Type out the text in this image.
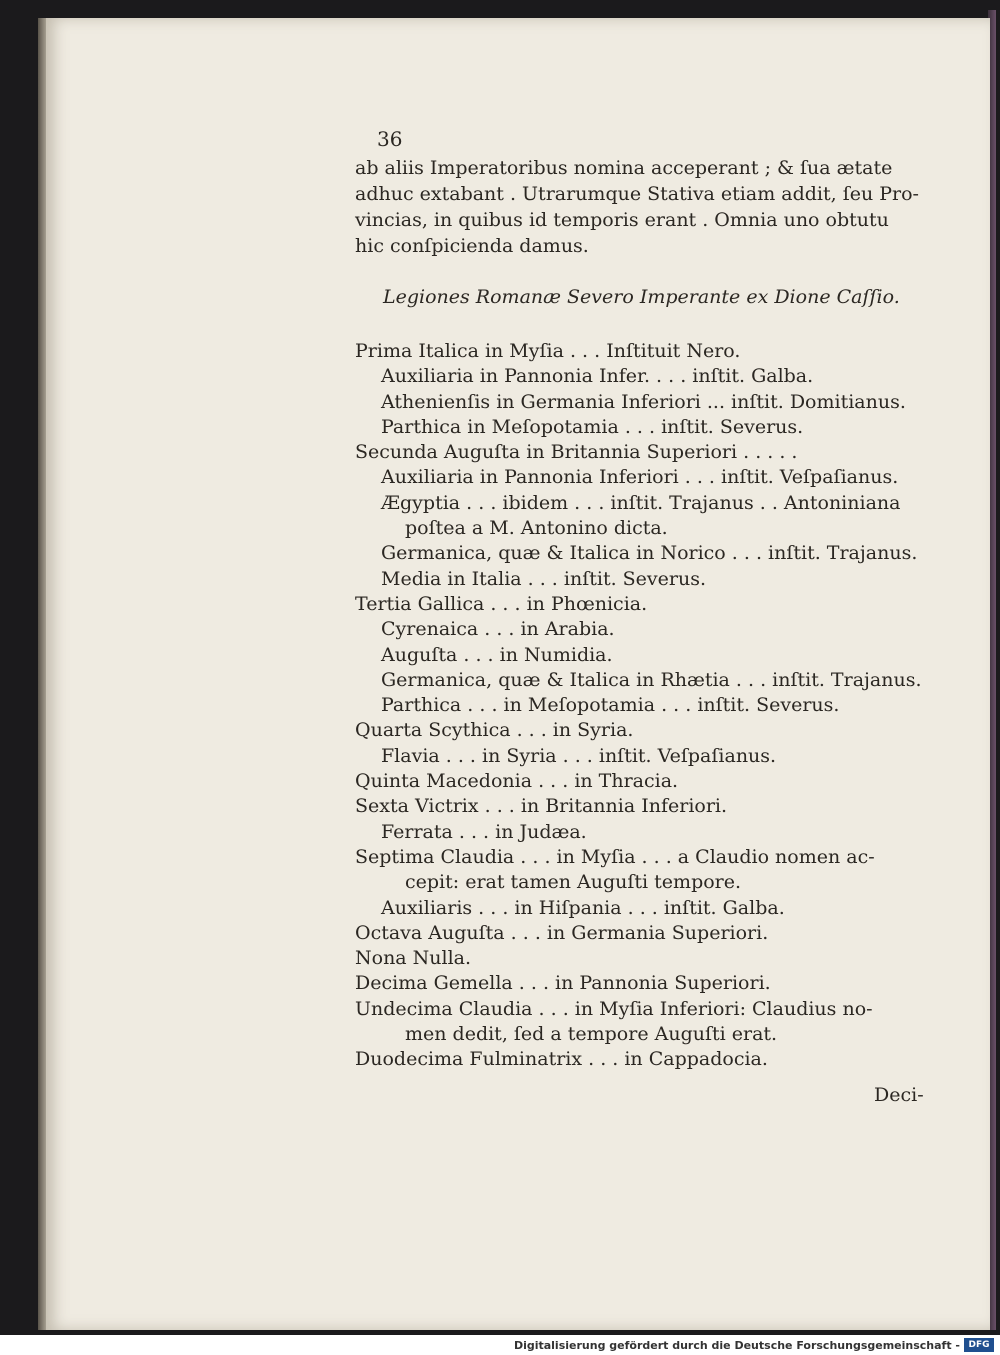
36
ab aliis Imperatoribus nomina acceperant ; & ſua ætate
adhuc extabant . Utrarumque Stativa etiam addit, ſeu Pro-
vincias, in quibus id temporis erant . Omnia uno obtutu
hic conſpicienda damus.
Legiones Romanæ Severo Imperante ex Dione Caſſio.
Prima Italica in Myſia . . . Inſtituit Nero.
Auxiliaria in Pannonia Infer. . . . inſtit. Galba.
Athenienſis in Germania Inferiori ... inſtit. Domitianus.
Parthica in Meſopotamia . . . inſtit. Severus.
Secunda Auguſta in Britannia Superiori . . . . .
Auxiliaria in Pannonia Inferiori . . . inſtit. Veſpaſianus.
Ægyptia . . . ibidem . . . inſtit. Trajanus . . Antoniniana
poſtea a M. Antonino dicta.
Germanica, quæ & Italica in Norico . . . inſtit. Trajanus.
Media in Italia . . . inſtit. Severus.
Tertia Gallica . . . in Phœnicia.
Cyrenaica . . . in Arabia.
Auguſta . . . in Numidia.
Germanica, quæ & Italica in Rhætia . . . inſtit. Trajanus.
Parthica . . . in Meſopotamia . . . inſtit. Severus.
Quarta Scythica . . . in Syria.
Flavia . . . in Syria . . . inſtit. Veſpaſianus.
Quinta Macedonia . . . in Thracia.
Sexta Victrix . . . in Britannia Inferiori.
Ferrata . . . in Judæa.
Septima Claudia . . . in Myſia . . . a Claudio nomen ac-
cepit: erat tamen Auguſti tempore.
Auxiliaris . . . in Hiſpania . . . inſtit. Galba.
Octava Auguſta . . . in Germania Superiori.
Nona Nulla.
Decima Gemella . . . in Pannonia Superiori.
Undecima Claudia . . . in Myſia Inferiori: Claudius no-
men dedit, ſed a tempore Auguſti erat.
Duodecima Fulminatrix . . . in Cappadocia.
Deci-
Digitalisierung gefördert durch die Deutsche Forschungsgemeinschaft - DFG
